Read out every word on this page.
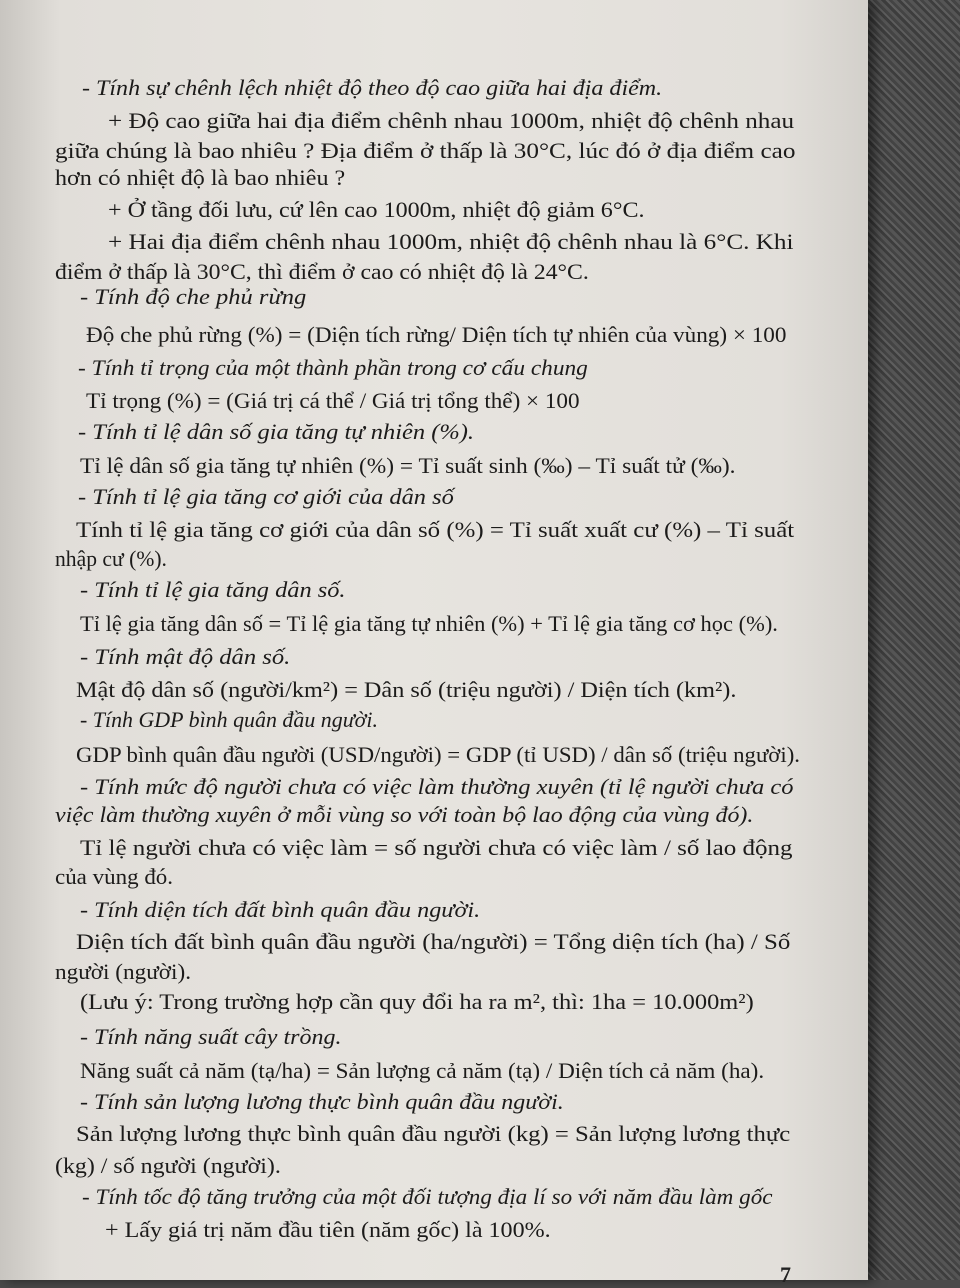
- Tính sự chênh lệch nhiệt độ theo độ cao giữa hai địa điểm.
+ Độ cao giữa hai địa điểm chênh nhau 1000m, nhiệt độ chênh nhau
giữa chúng là bao nhiêu ? Địa điểm ở thấp là 30°C, lúc đó ở địa điểm cao
hơn có nhiệt độ là bao nhiêu ?
+ Ở tầng đối lưu, cứ lên cao 1000m, nhiệt độ giảm 6°C.
+ Hai địa điểm chênh nhau 1000m, nhiệt độ chênh nhau là 6°C. Khi
điểm ở thấp là 30°C, thì điểm ở cao có nhiệt độ là 24°C.
- Tính độ che phủ rừng
Độ che phủ rừng (%) = (Diện tích rừng/ Diện tích tự nhiên của vùng) × 100
- Tính tỉ trọng của một thành phần trong cơ cấu chung
Tỉ trọng (%) = (Giá trị cá thể / Giá trị tổng thể) × 100
- Tính tỉ lệ dân số gia tăng tự nhiên (%).
Tỉ lệ dân số gia tăng tự nhiên (%) = Tỉ suất sinh (‰) – Tỉ suất tử (‰).
- Tính tỉ lệ gia tăng cơ giới của dân số
Tính tỉ lệ gia tăng cơ giới của dân số (%) = Tỉ suất xuất cư (%) – Tỉ suất
nhập cư (%).
- Tính tỉ lệ gia tăng dân số.
Tỉ lệ gia tăng dân số = Tỉ lệ gia tăng tự nhiên (%) + Tỉ lệ gia tăng cơ học (%).
- Tính mật độ dân số.
Mật độ dân số (người/km²) = Dân số (triệu người) / Diện tích (km²).
- Tính GDP bình quân đầu người.
GDP bình quân đầu người (USD/người) = GDP (tỉ USD) / dân số (triệu người).
- Tính mức độ người chưa có việc làm thường xuyên (tỉ lệ người chưa có
việc làm thường xuyên ở mỗi vùng so với toàn bộ lao động của vùng đó).
Tỉ lệ người chưa có việc làm = số người chưa có việc làm / số lao động
của vùng đó.
- Tính diện tích đất bình quân đầu người.
Diện tích đất bình quân đầu người (ha/người) = Tổng diện tích (ha) / Số
người (người).
(Lưu ý: Trong trường hợp cần quy đổi ha ra m², thì: 1ha = 10.000m²)
- Tính năng suất cây trồng.
Năng suất cả năm (tạ/ha) = Sản lượng cả năm (tạ) / Diện tích cả năm (ha).
- Tính sản lượng lương thực bình quân đầu người.
Sản lượng lương thực bình quân đầu người (kg) = Sản lượng lương thực
(kg) / số người (người).
- Tính tốc độ tăng trưởng của một đối tượng địa lí so với năm đầu làm gốc
+ Lấy giá trị năm đầu tiên (năm gốc) là 100%.
7
